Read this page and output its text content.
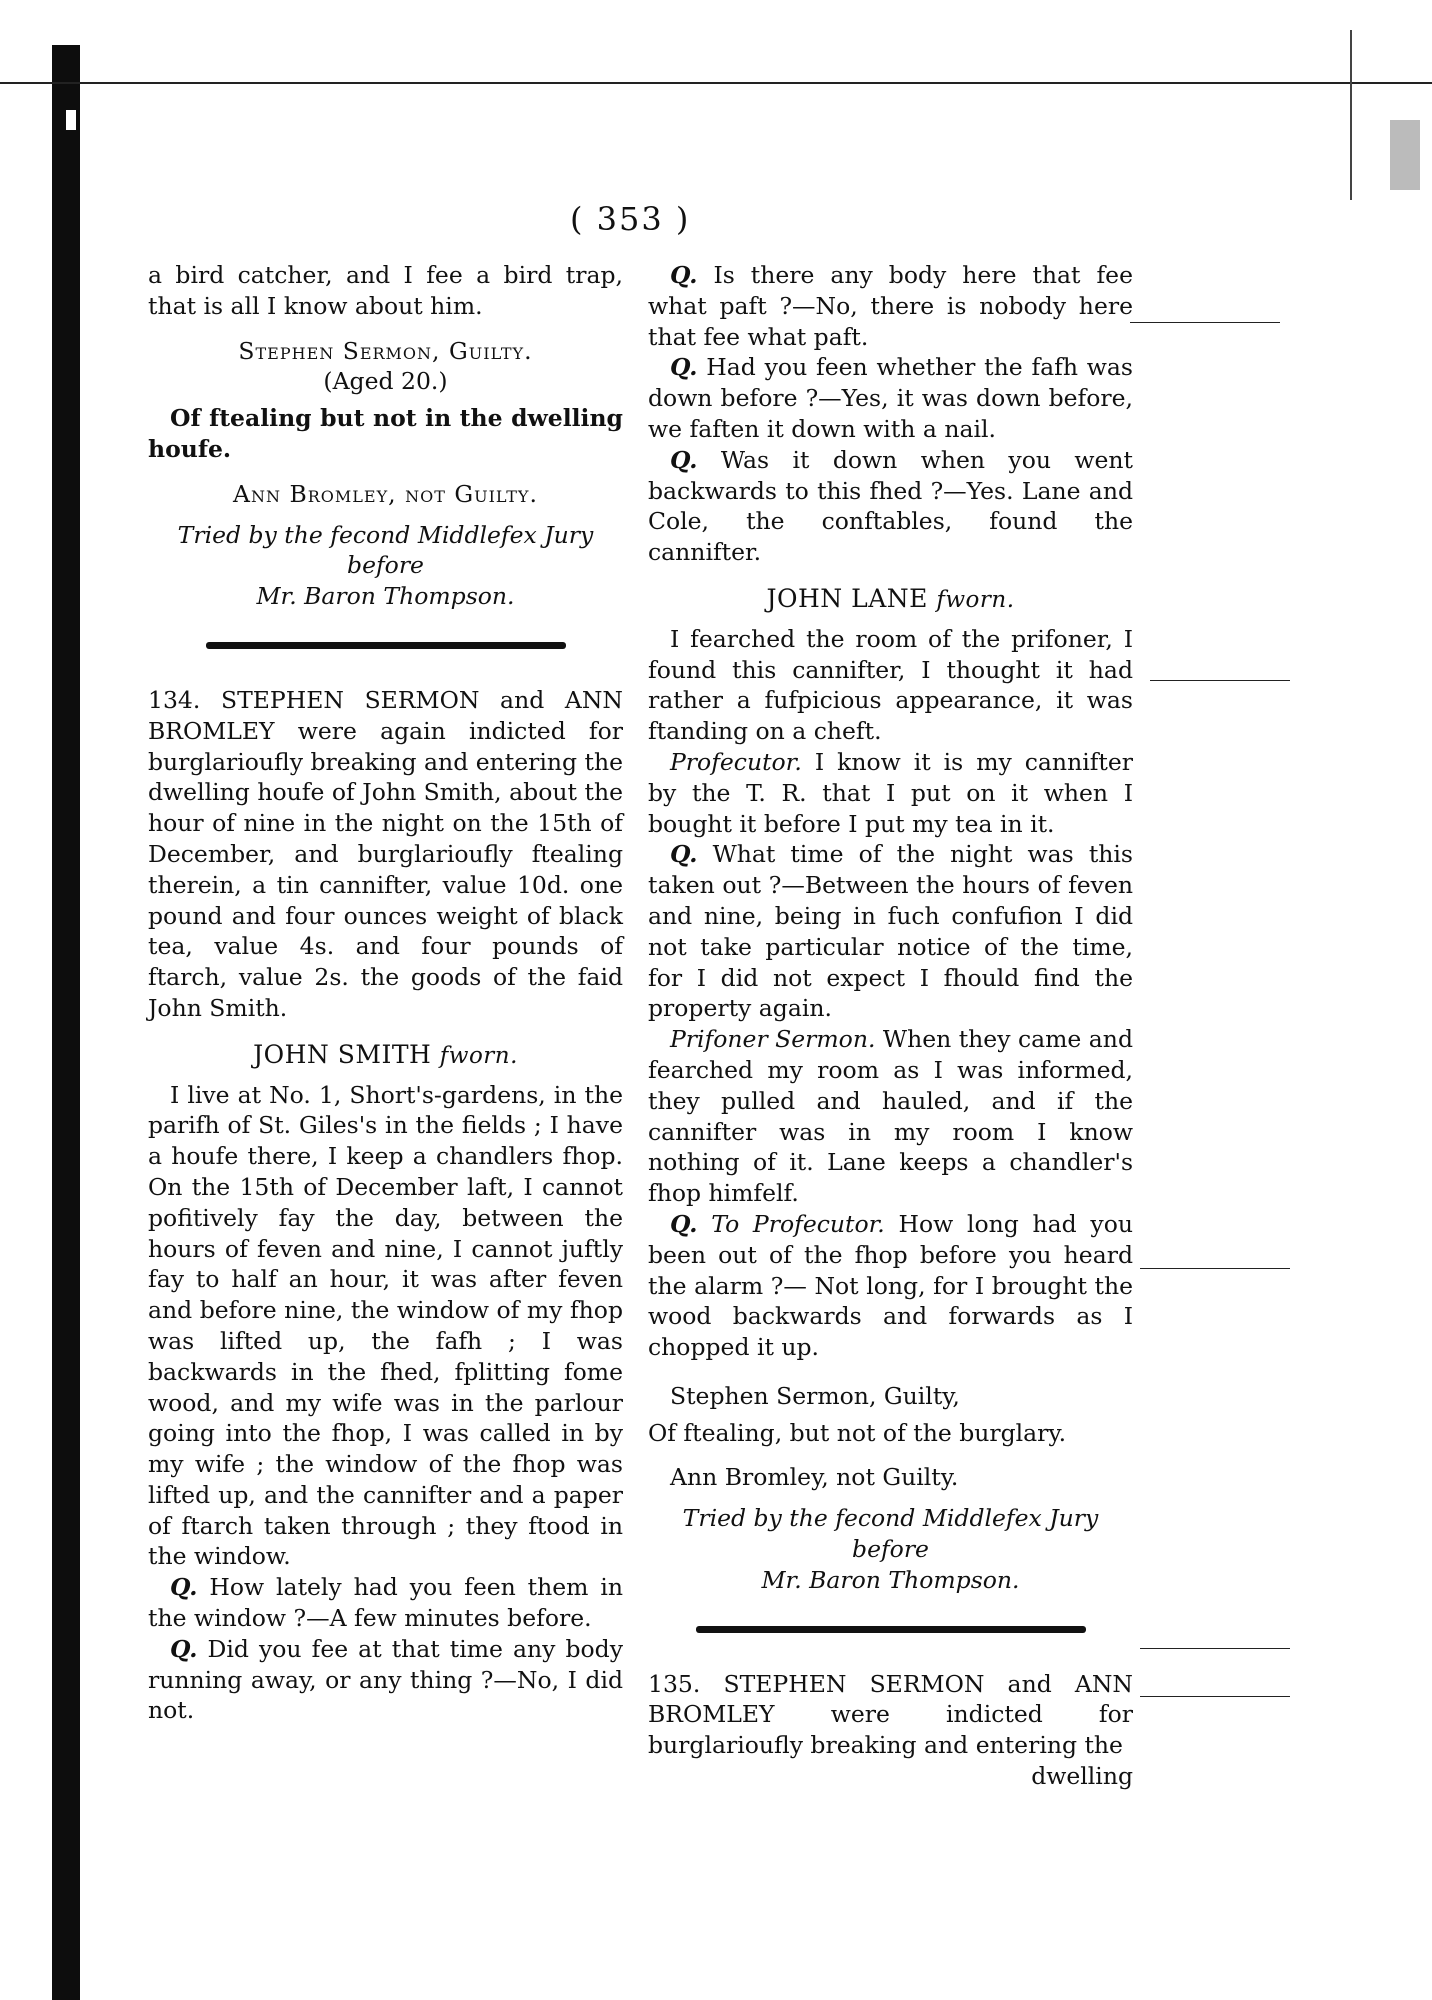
( 353 )

a bird catcher, and I fee a bird trap, that is all I know about him.

Stephen Sermon, Guilty.
(Aged 20.)

Of ftealing but not in the dwelling houfe.

Ann Bromley, not Guilty.

Tried by the fecond Middlefex Jury before
Mr. Baron Thompson.

134. STEPHEN SERMON and ANN BROMLEY were again indicted for burglarioufly breaking and entering the dwelling houfe of John Smith, about the hour of nine in the night on the 15th of December, and burglarioufly ftealing therein, a tin cannifter, value 10d. one pound and four ounces weight of black tea, value 4s. and four pounds of ftarch, value 2s. the goods of the faid John Smith.

JOHN SMITH fworn.

I live at No. 1, Short's-gardens, in the parifh of St. Giles's in the fields ; I have a houfe there, I keep a chandlers fhop. On the 15th of December laft, I cannot pofitively fay the day, between the hours of feven and nine, I cannot juftly fay to half an hour, it was after feven and before nine, the window of my fhop was lifted up, the fafh ; I was backwards in the fhed, fplitting fome wood, and my wife was in the parlour going into the fhop, I was called in by my wife ; the window of the fhop was lifted up, and the cannifter and a paper of ftarch taken through ; they ftood in the window.

Q. How lately had you feen them in the window ?—A few minutes before.

Q. Did you fee at that time any body running away, or any thing ?—No, I did not.

Q. Is there any body here that fee what paft ?—No, there is nobody here that fee what paft.

Q. Had you feen whether the fafh was down before ?—Yes, it was down before, we faften it down with a nail.

Q. Was it down when you went backwards to this fhed ?—Yes. Lane and Cole, the conftables, found the cannifter.

JOHN LANE fworn.

I fearched the room of the prifoner, I found this cannifter, I thought it had rather a fufpicious appearance, it was ftanding on a cheft.

Profecutor. I know it is my cannifter by the T. R. that I put on it when I bought it before I put my tea in it.

Q. What time of the night was this taken out ?—Between the hours of feven and nine, being in fuch confufion I did not take particular notice of the time, for I did not expect I fhould find the property again.

Prifoner Sermon. When they came and fearched my room as I was informed, they pulled and hauled, and if the cannifter was in my room I know nothing of it. Lane keeps a chandler's fhop himfelf.

Q. To Profecutor. How long had you been out of the fhop before you heard the alarm ?— Not long, for I brought the wood backwards and forwards as I chopped it up.

Stephen Sermon, Guilty,

Of ftealing, but not of the burglary.

Ann Bromley, not Guilty.

Tried by the fecond Middlefex Jury before
Mr. Baron Thompson.

135. STEPHEN SERMON and ANN BROMLEY were indicted for burglarioufly breaking and entering the

dwelling
